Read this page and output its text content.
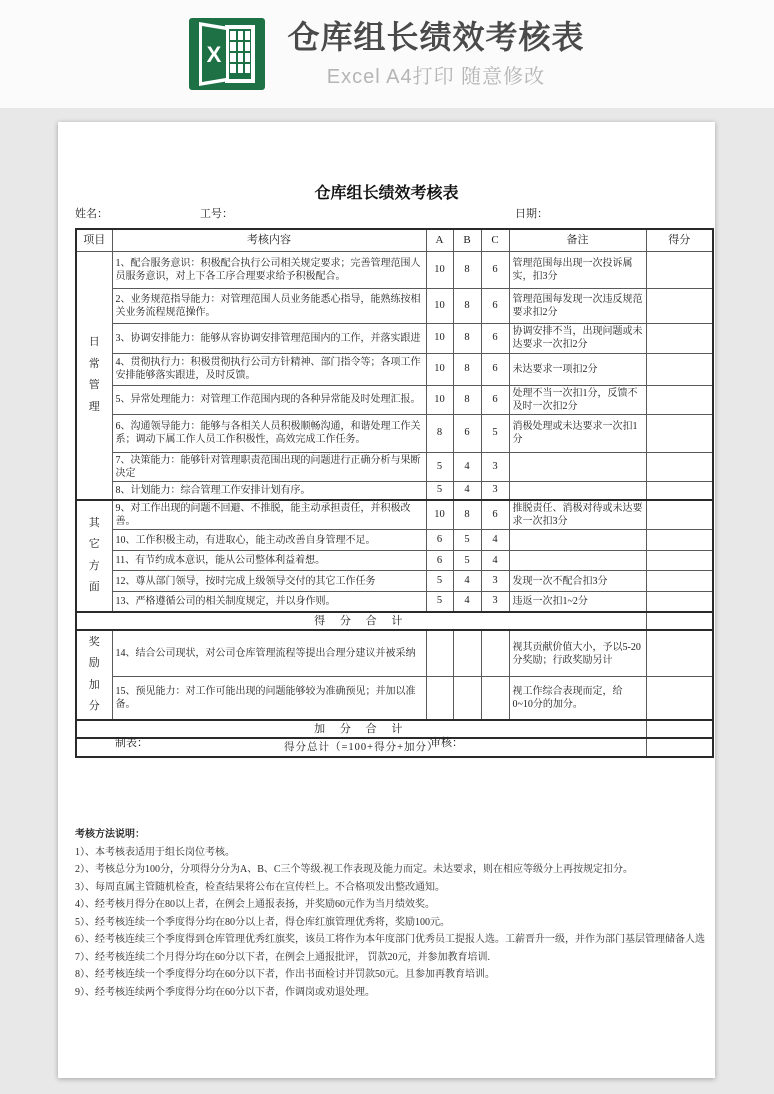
X 仓库组长绩效考核表
Excel A4打印 随意修改
仓库组长绩效考核表
姓名：	工号：	日期：
项目	考核内容	A	B	C	备注	得分

日常管理	1、配合服务意识：积极配合执行公司相关规定要求；完善管理范围人员服务意识，对上下各工序合理要求给予积极配合。	10	8	6	管理范围每出现一次投诉属实，扣3分	
	2、业务规范指导能力：对管理范围人员业务能悉心指导，能熟练按相关业务流程规范操作。	10	8	6	管理范围每发现一次违反规范要求扣2分	
	3、协调安排能力：能够从容协调安排管理范围内的工作，并落实跟进	10	8	6	协调安排不当，出现问题或未达要求一次扣2分	
	4、贯彻执行力：积极贯彻执行公司方针精神、部门指令等；各项工作安排能够落实跟进，及时反馈。	10	8	6	未达要求一项扣2分	
	5、异常处理能力：对管理工作范围内现的各种异常能及时处理汇报。	10	8	6	处理不当一次扣1分，反馈不及时一次扣2分	
	6、沟通领导能力：能够与各相关人员积极顺畅沟通，和谐处理工作关系；调动下属工作人员工作积极性，高效完成工作任务。	8	6	5	消极处理或未达要求一次扣1分	
	7、决策能力：能够针对管理职责范围出现的问题进行正确分析与果断决定	5	4	3		
	8、计划能力：综合管理工作安排计划有序。	5	4	3		

其它方面	9、对工作出现的问题不回避、不推脱，能主动承担责任，并积极改善。	10	8	6	推脱责任、消极对待或未达要求一次扣3分	
	10、工作积极主动，有进取心，能主动改善自身管理不足。	6	5	4		
	11、有节约成本意识，能从公司整体利益着想。	6	5	4		
	12、尊从部门领导，按时完成上级领导交付的其它工作任务	5	4	3	发现一次不配合扣3分	
	13、严格遵循公司的相关制度规定，并以身作则。	5	4	3	违返一次扣1~2分	
得 分 合 计						

奖励加分	14、结合公司现状，对公司仓库管理流程等提出合理分建议并被采纳				视其贡献价值大小，予以5-20分奖励；行政奖励另计	
	15、预见能力：对工作可能出现的问题能够较为准确预见；并加以准备。				视工作综合表现而定，给0~10分的加分。	
加 分 合 计						
得分总计（=100+得分+加分）						
制表：	审核：
考核方法说明：
1）、本考核表适用于组长岗位考核。
2）、考核总分为100分，分项得分分为A、B、C三个等级.视工作表现及能力而定。未达要求，则在相应等级分上再按规定扣分。
3）、每周直属主管随机检查，检查结果将公布在宣传栏上。不合格项发出整改通知。
4）、经考核月得分在80以上者，在例会上通报表扬，并奖励60元作为当月绩效奖。
5）、经考核连续一个季度得分均在80分以上者，得仓库红旗管理优秀将，奖励100元。
6）、经考核连续三个季度得到仓库管理优秀红旗奖，该员工将作为本年度部门优秀员工提报人选。工薪晋升一级，并作为部门基层管理储备人选
7）、经考核连续二个月得分均在60分以下者，在例会上通报批评， 罚款20元，并参加教育培训.
8）、经考核连续一个季度得分均在60分以下者，作出书面检讨并罚款50元。且参加再教育培训。
9）、经考核连续两个季度得分均在60分以下者，作调岗或劝退处理。
